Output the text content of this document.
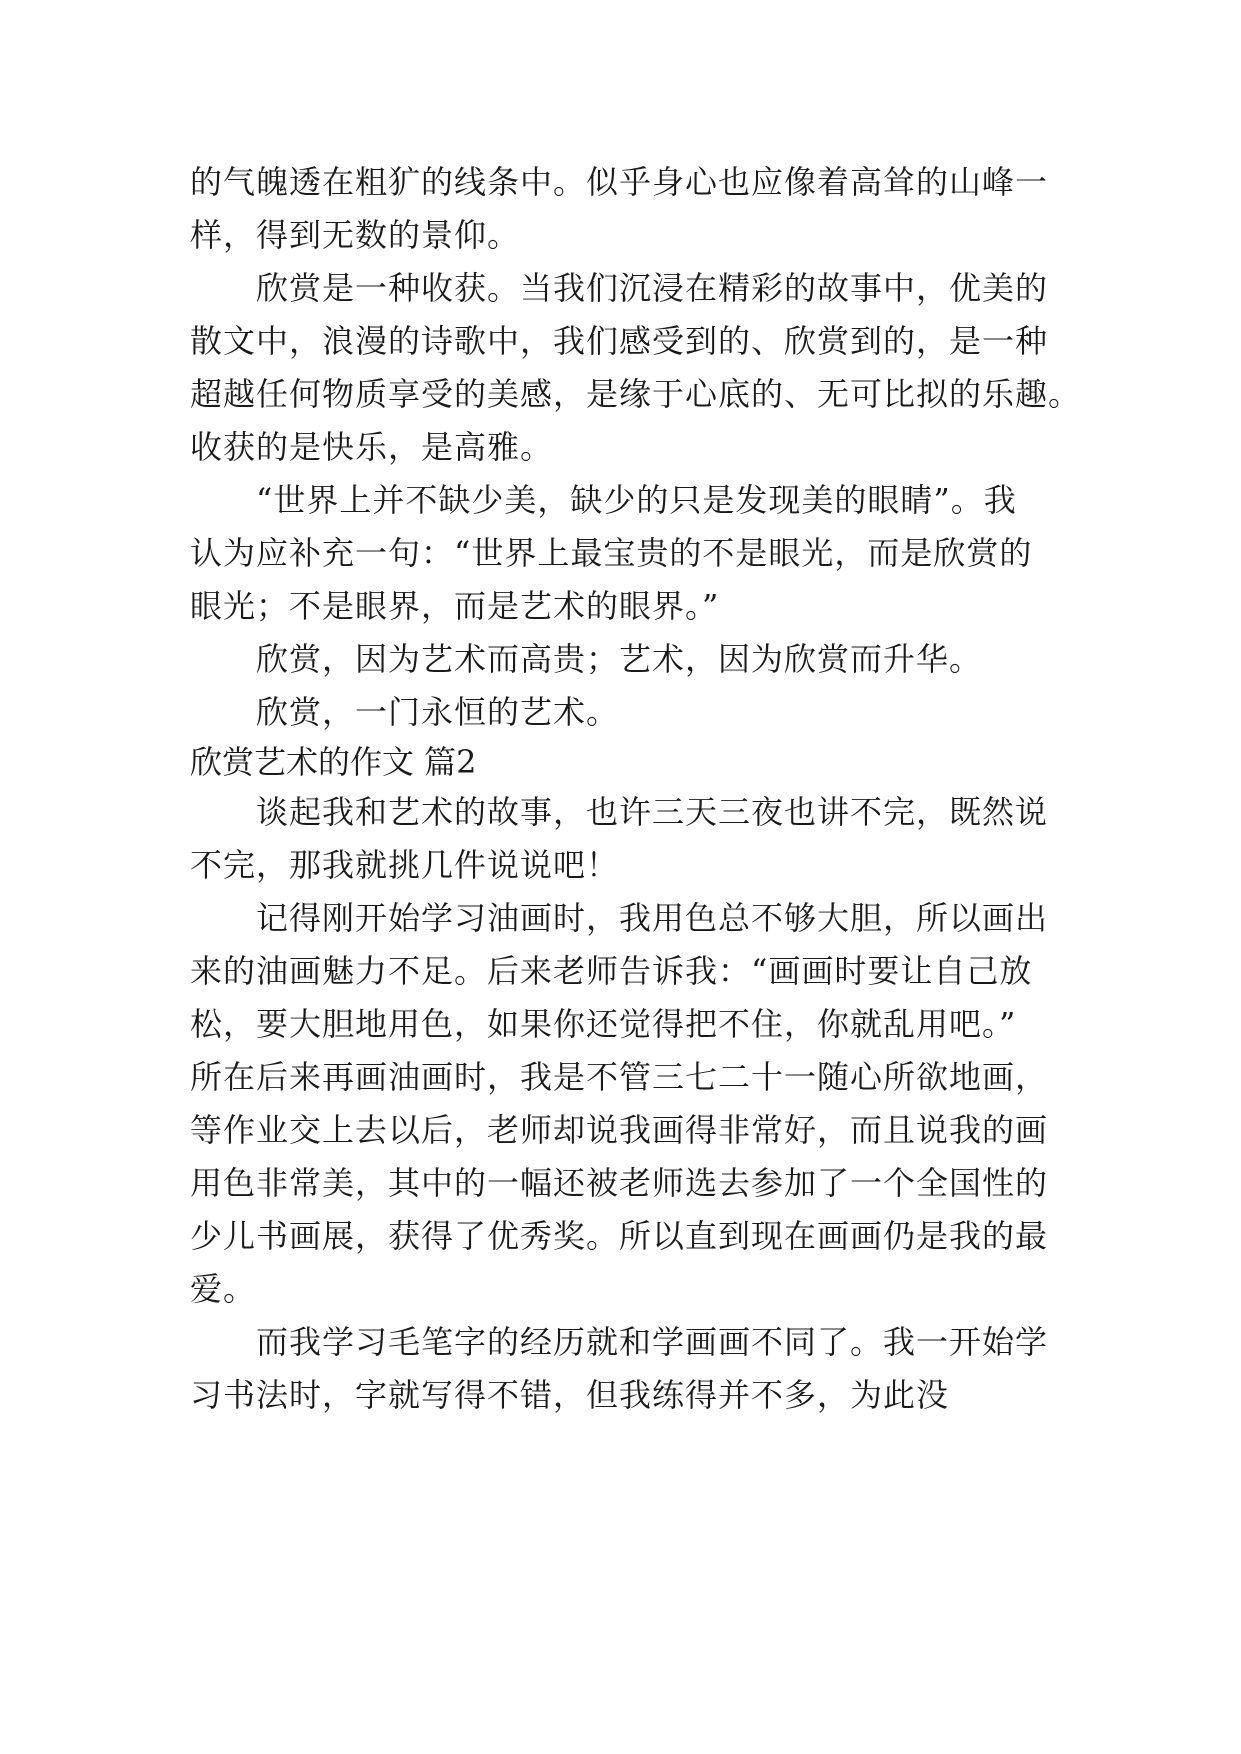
的气魄透在粗犷的线条中。似乎身心也应像着高耸的山峰一
样，得到无数的景仰。
　　欣赏是一种收获。当我们沉浸在精彩的故事中，优美的
散文中，浪漫的诗歌中，我们感受到的、欣赏到的，是一种
超越任何物质享受的美感，是缘于心底的、无可比拟的乐趣。
收获的是快乐，是高雅。
　　“世界上并不缺少美，缺少的只是发现美的眼睛”。我
认为应补充一句：“世界上最宝贵的不是眼光，而是欣赏的
眼光；不是眼界，而是艺术的眼界。”
　　欣赏，因为艺术而高贵；艺术，因为欣赏而升华。
　　欣赏，一门永恒的艺术。
欣赏艺术的作文 篇2
　　谈起我和艺术的故事，也许三天三夜也讲不完，既然说
不完，那我就挑几件说说吧！
　　记得刚开始学习油画时，我用色总不够大胆，所以画出
来的油画魅力不足。后来老师告诉我：“画画时要让自己放
松，要大胆地用色，如果你还觉得把不住，你就乱用吧。”
所在后来再画油画时，我是不管三七二十一随心所欲地画，
等作业交上去以后，老师却说我画得非常好，而且说我的画
用色非常美，其中的一幅还被老师选去参加了一个全国性的
少儿书画展，获得了优秀奖。所以直到现在画画仍是我的最
爱。
　　而我学习毛笔字的经历就和学画画不同了。我一开始学
习书法时，字就写得不错，但我练得并不多，为此没
